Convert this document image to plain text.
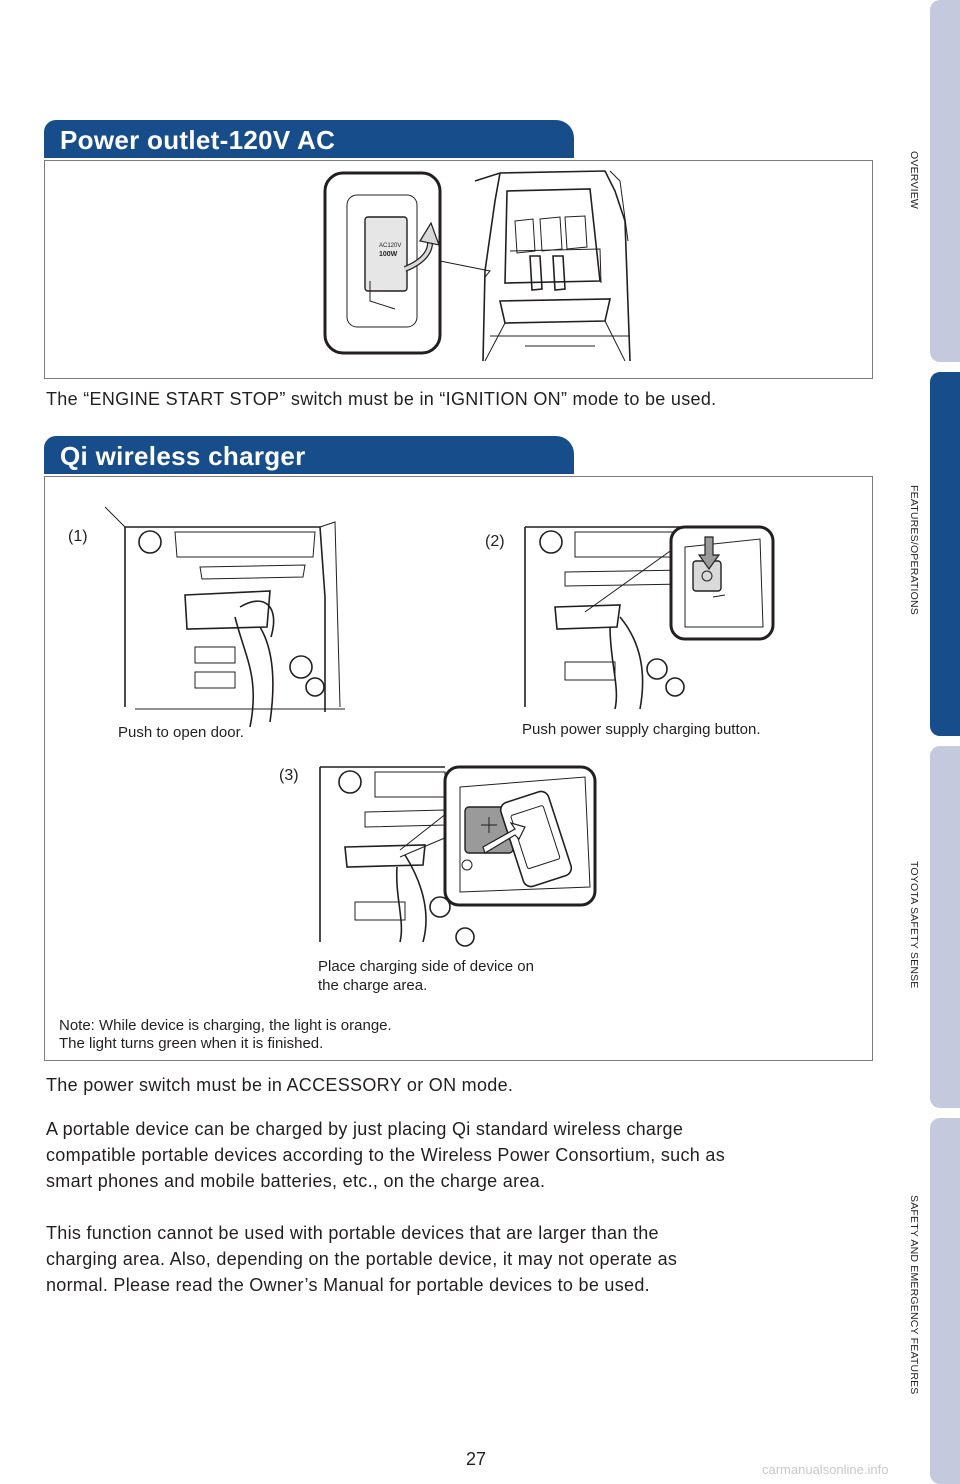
OVERVIEW
FEATURES/OPERATIONS
TOYOTA SAFETY SENSE
SAFETY AND EMERGENCY FEATURES
Power outlet-120V AC
AC120V
100W
The “ENGINE START STOP” switch must be in “IGNITION ON” mode to be used.
Qi wireless charger
(1)
Push to open door.
(2)
Push power supply charging button.
(3)
Place charging side of device on
the charge area.
Note: While device is charging, the light is orange.
The light turns green when it is finished.
The power switch must be in ACCESSORY or ON mode.
A portable device can be charged by just placing Qi standard wireless charge
compatible portable devices according to the Wireless Power Consortium, such as
smart phones and mobile batteries, etc., on the charge area.
This function cannot be used with portable devices that are larger than the
charging area. Also, depending on the portable device, it may not operate as
normal. Please read the Owner’s Manual for portable devices to be used.
27
carmanualsonline.info
